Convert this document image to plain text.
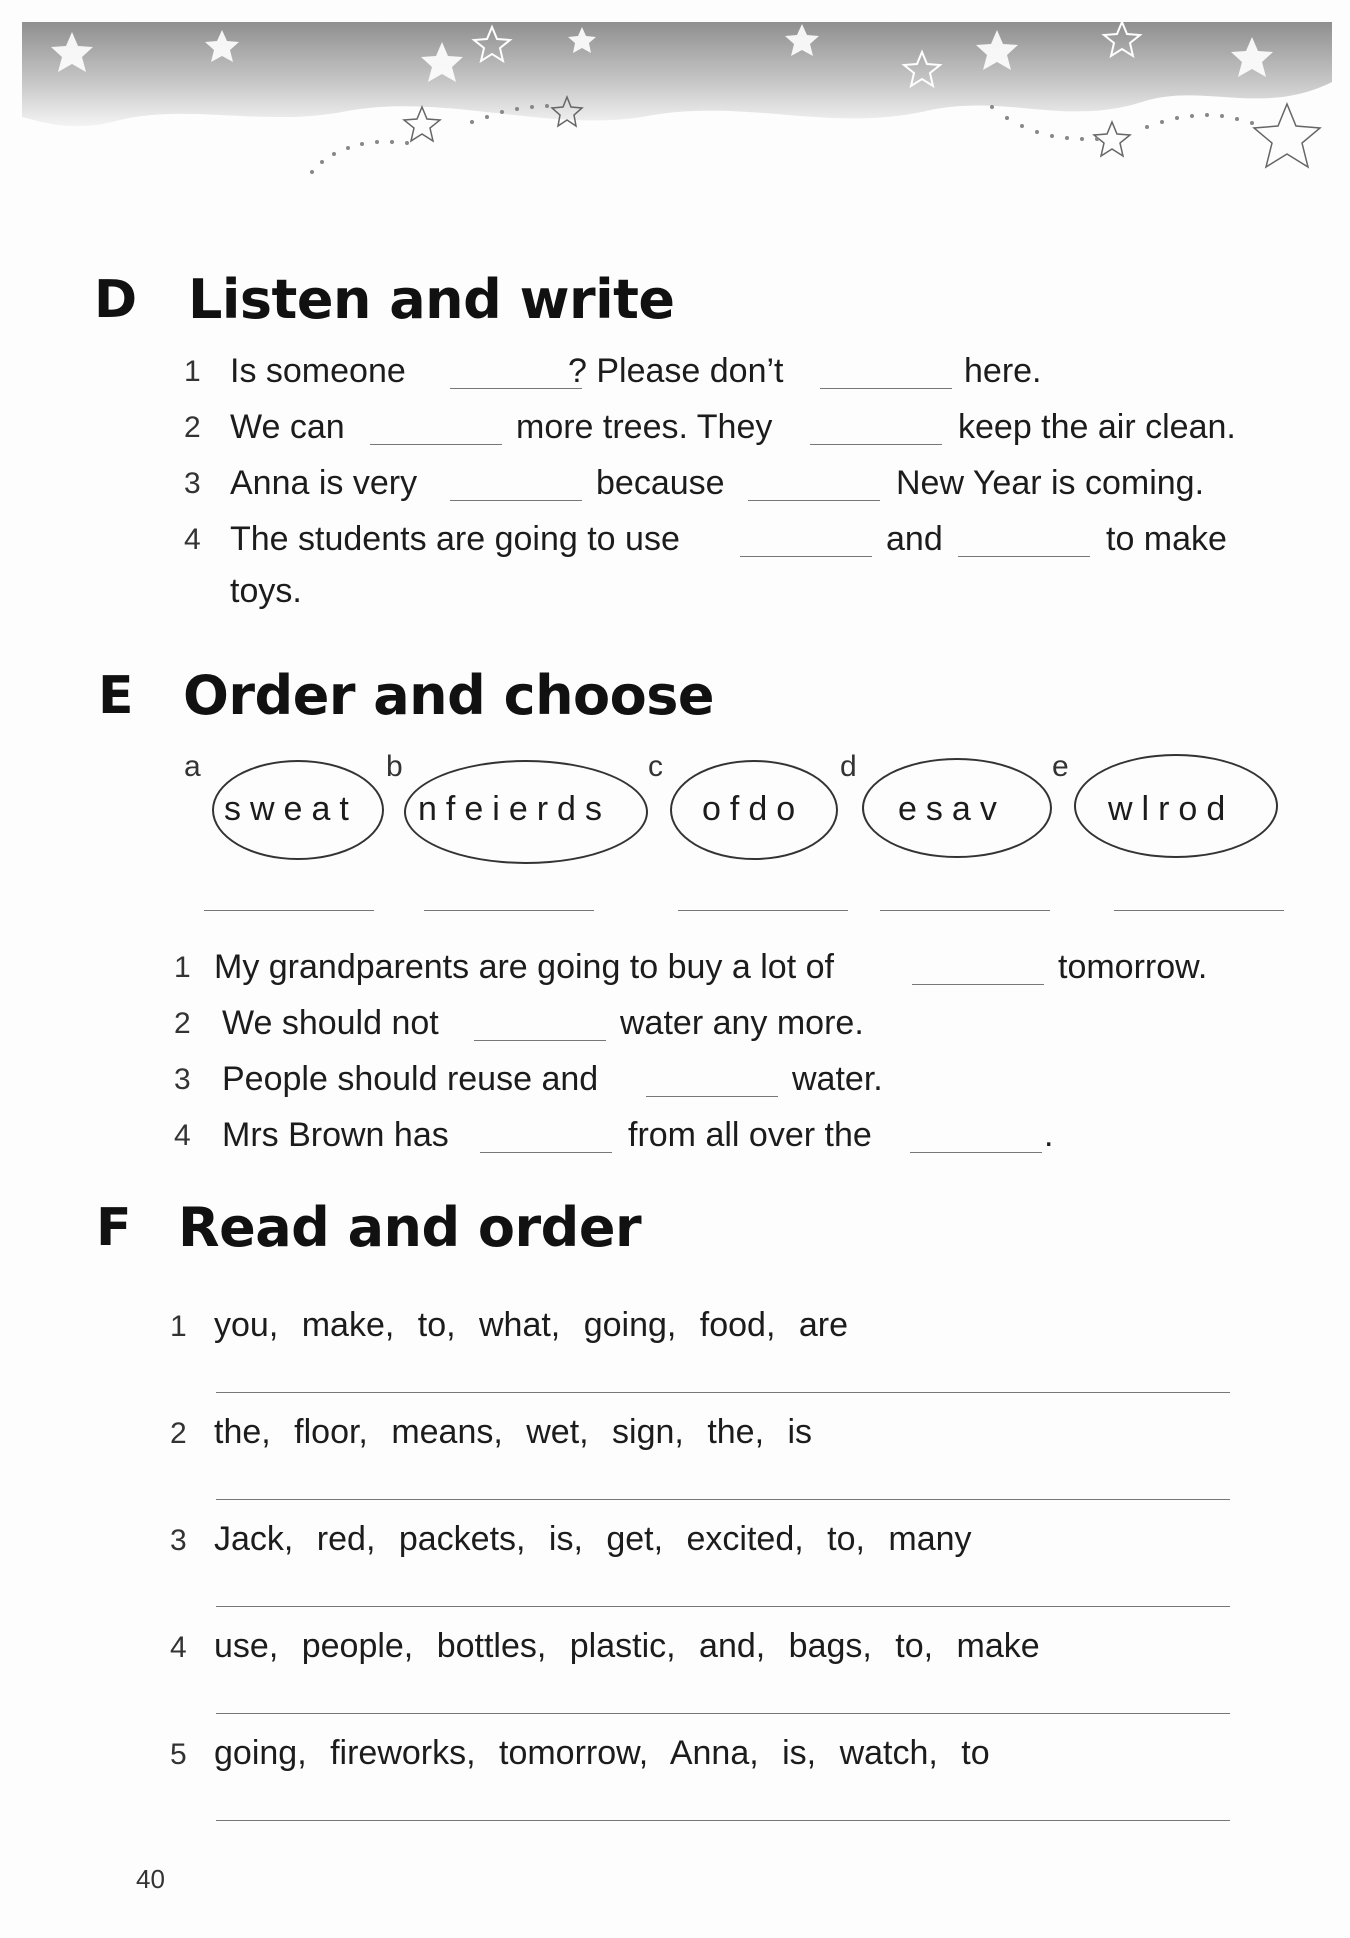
D Listen and write
1 Is someone	? Please don’t	here.
2 We can	more trees. They	keep the air clean.
3 Anna is very	because	New Year is coming.
4 The students are going to use	and	to make
toys.
E Order and choose
a
sweat
b
nfeierds
c
ofdo
d
esav
e
wlrod
1 My grandparents are going to buy a lot of	tomorrow.
2 We should not	water any more.
3 People should reuse and	water.
4 Mrs Brown has	from all over the	.
F Read and order
1 you, make, to, what, going, food, are
2 the, floor, means, wet, sign, the, is
3 Jack, red, packets, is, get, excited, to, many
4 use, people, bottles, plastic, and, bags, to, make
5 going, fireworks, tomorrow, Anna, is, watch, to
40
